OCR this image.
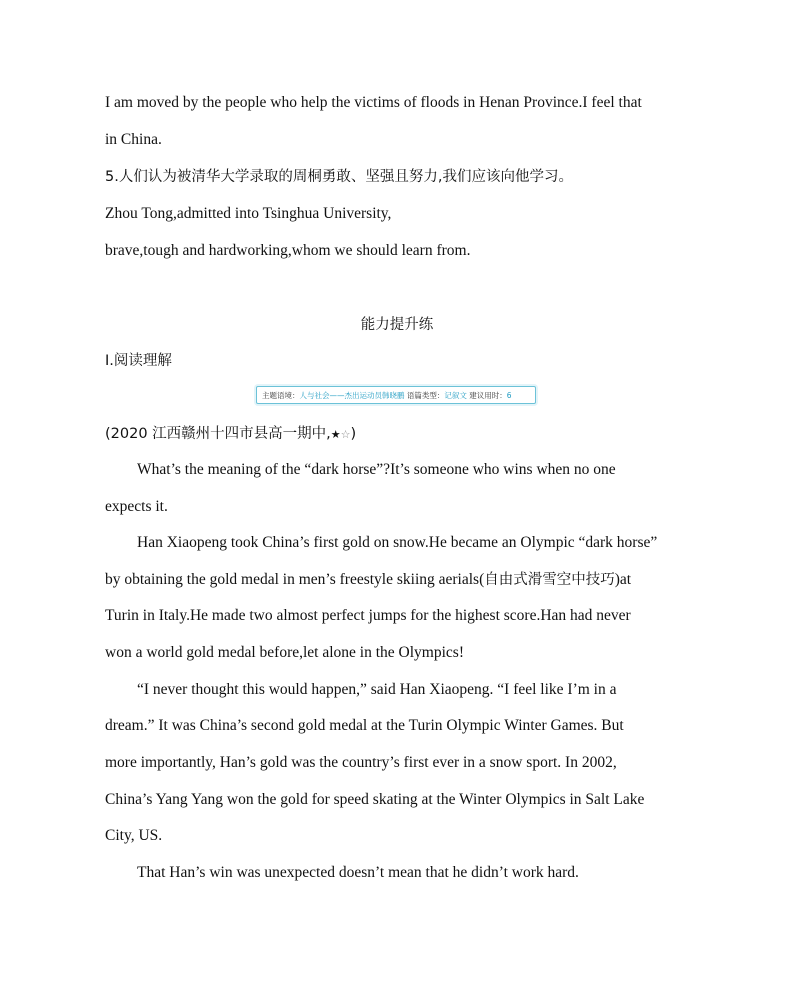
I am moved by the people who help the victims of floods in Henan Province.I feel that
in China.
5.人们认为被清华大学录取的周桐勇敢、坚强且努力,我们应该向他学习。
Zhou Tong,admitted into Tsinghua University,
brave,tough and hardworking,whom we should learn from.
能力提升练
Ⅰ.阅读理解
主题语境：人与社会——杰出运动员韩晓鹏 语篇类型：记叙文 建议用时：6
(2020 江西赣州十四市县高一期中,★☆)
What’s the meaning of the “dark horse”?It’s someone who wins when no one
expects it.
Han Xiaopeng took China’s first gold on snow.He became an Olympic “dark horse”
by obtaining the gold medal in men’s freestyle skiing aerials(自由式滑雪空中技巧)at
Turin in Italy.He made two almost perfect jumps for the highest score.Han had never
won a world gold medal before,let alone in the Olympics!
“I never thought this would happen,” said Han Xiaopeng. “I feel like I’m in a
dream.” It was China’s second gold medal at the Turin Olympic Winter Games. But
more importantly, Han’s gold was the country’s first ever in a snow sport. In 2002,
China’s Yang Yang won the gold for speed skating at the Winter Olympics in Salt Lake
City, US.
That Han’s win was unexpected doesn’t mean that he didn’t work hard.
